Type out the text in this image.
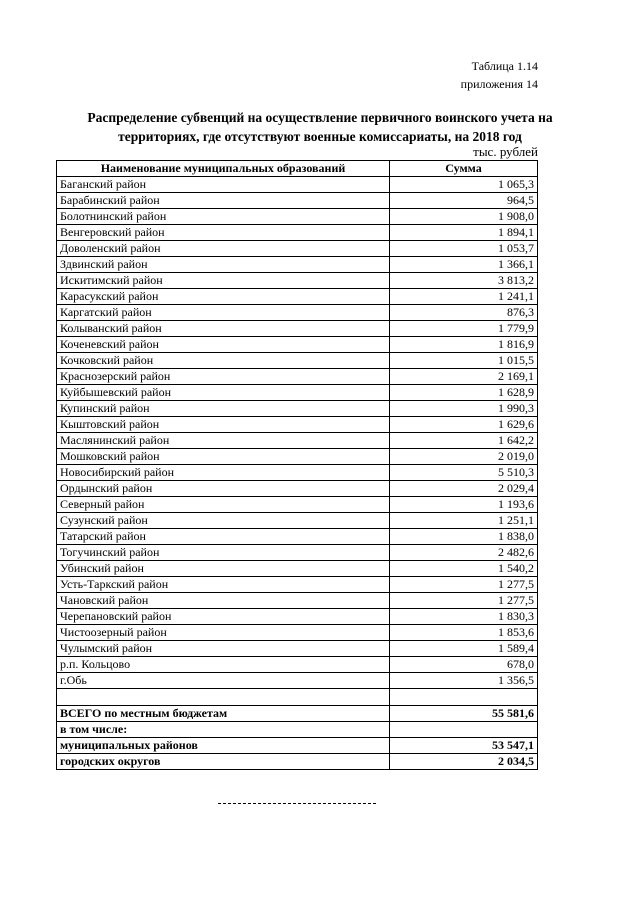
Таблица 1.14
приложения 14
Распределение субвенций на осуществление первичного воинского учета на
территориях, где отсутствуют военные комиссариаты, на 2018 год
тыс. рублей
Наименование муниципальных образований	Сумма
Баганский район	1 065,3
Барабинский район	964,5
Болотнинский район	1 908,0
Венгеровский район	1 894,1
Доволенский район	1 053,7
Здвинский район	1 366,1
Искитимский район	3 813,2
Карасукский район	1 241,1
Каргатский район	876,3
Колыванский район	1 779,9
Коченевский район	1 816,9
Кочковский район	1 015,5
Краснозерский район	2 169,1
Куйбышевский район	1 628,9
Купинский район	1 990,3
Кыштовский район	1 629,6
Маслянинский район	1 642,2
Мошковский район	2 019,0
Новосибирский район	5 510,3
Ордынский район	2 029,4
Северный район	1 193,6
Сузунский район	1 251,1
Татарский район	1 838,0
Тогучинский район	2 482,6
Убинский район	1 540,2
Усть-Таркский район	1 277,5
Чановский район	1 277,5
Черепановский район	1 830,3
Чистоозерный район	1 853,6
Чулымский район	1 589,4
р.п. Кольцово	678,0
г.Обь	1 356,5

ВСЕГО по местным бюджетам	55 581,6
в том числе:	
муниципальных районов	53 547,1
городских округов	2 034,5
